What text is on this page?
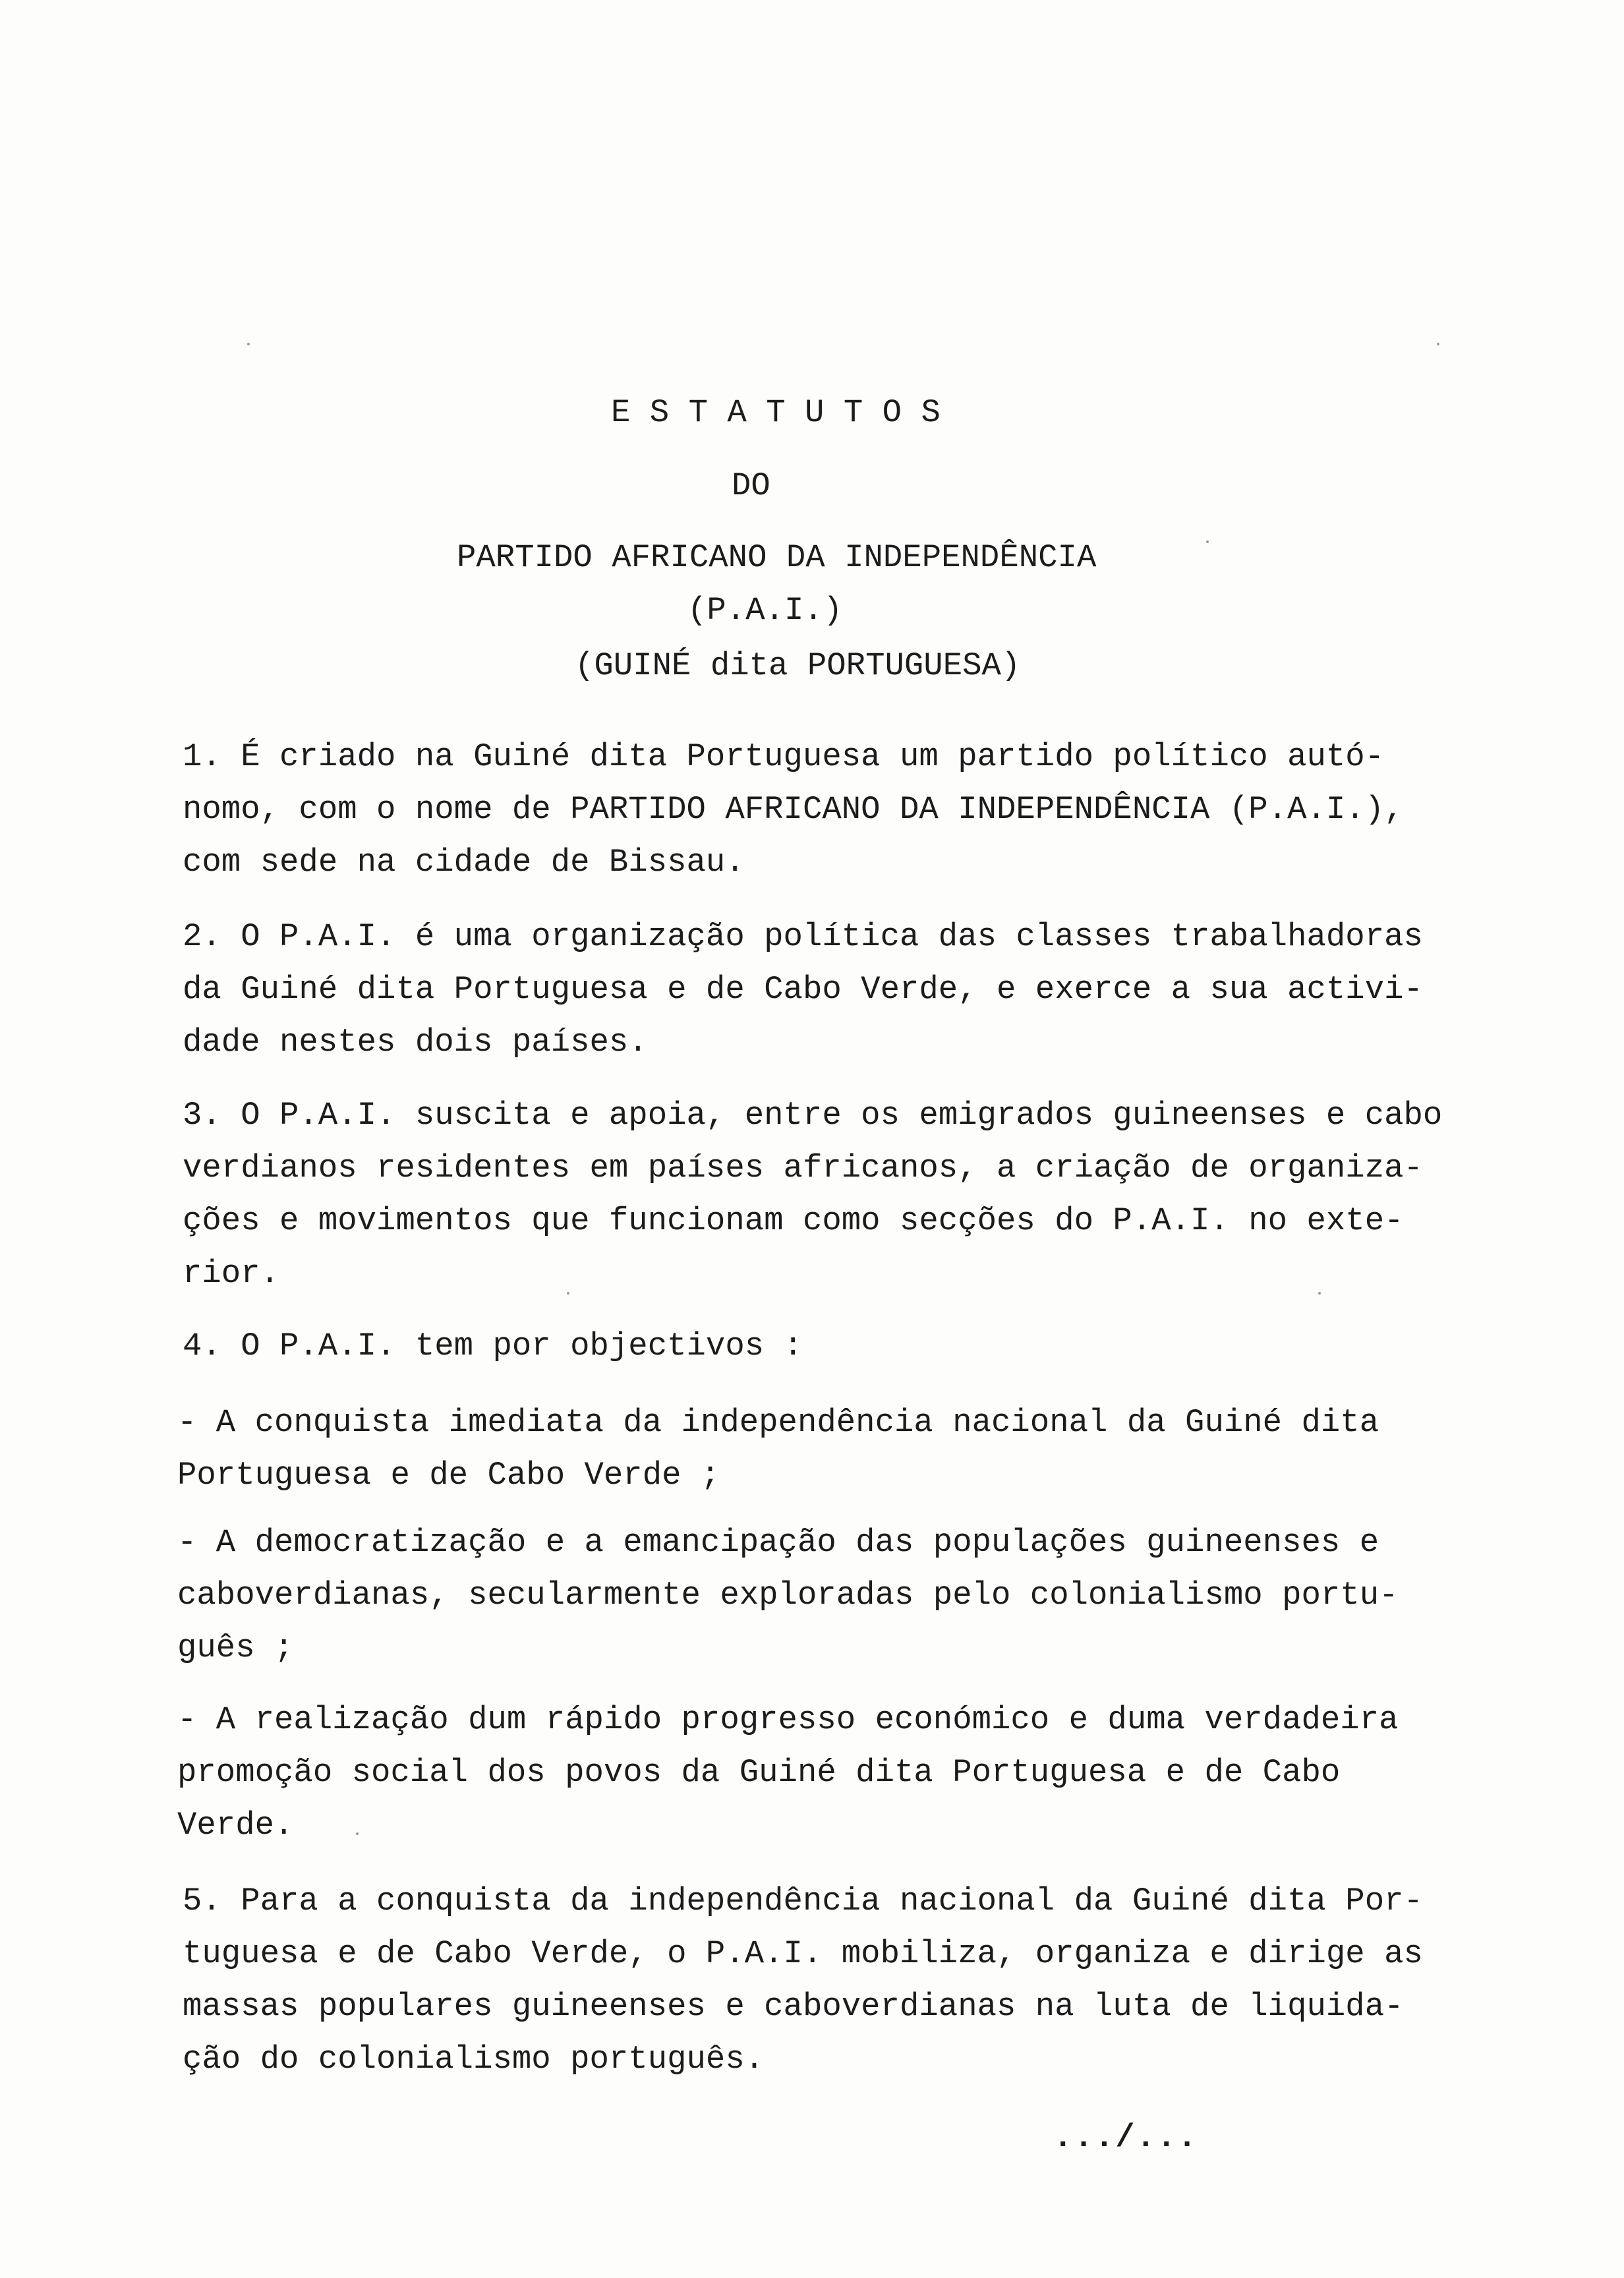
E S T A T U T O S
DO
PARTIDO AFRICANO DA INDEPENDÊNCIA
(P.A.I.)
(GUINÉ dita PORTUGUESA)
1. É criado na Guiné dita Portuguesa um partido político autó-
nomo, com o nome de PARTIDO AFRICANO DA INDEPENDÊNCIA (P.A.I.),
com sede na cidade de Bissau.
2. O P.A.I. é uma organização política das classes trabalhadoras
da Guiné dita Portuguesa e de Cabo Verde, e exerce a sua activi-
dade nestes dois países.
3. O P.A.I. suscita e apoia, entre os emigrados guineenses e cabo
verdianos residentes em países africanos, a criação de organiza-
ções e movimentos que funcionam como secções do P.A.I. no exte-
rior.
4. O P.A.I. tem por objectivos :
- A conquista imediata da independência nacional da Guiné dita
Portuguesa e de Cabo Verde ;
- A democratização e a emancipação das populações guineenses e
caboverdianas, secularmente exploradas pelo colonialismo portu-
guês ;
- A realização dum rápido progresso económico e duma verdadeira
promoção social dos povos da Guiné dita Portuguesa e de Cabo
Verde.
5. Para a conquista da independência nacional da Guiné dita Por-
tuguesa e de Cabo Verde, o P.A.I. mobiliza, organiza e dirige as
massas populares guineenses e caboverdianas na luta de liquida-
ção do colonialismo português.
.../...
